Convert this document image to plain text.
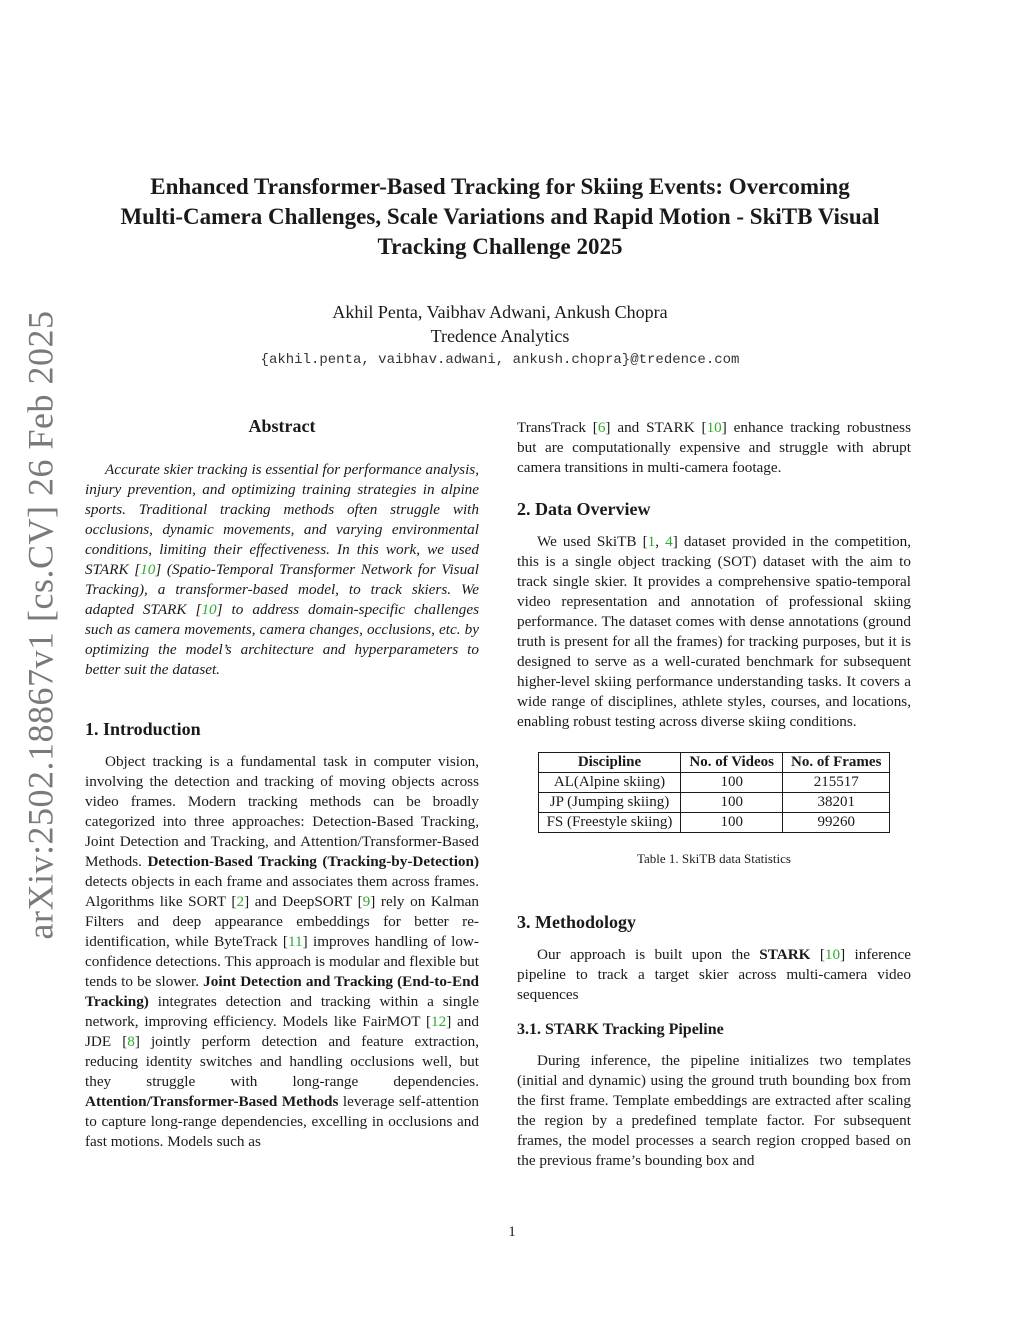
arXiv:2502.18867v1 [cs.CV] 26 Feb 2025
Enhanced Transformer-Based Tracking for Skiing Events: Overcoming
Multi-Camera Challenges, Scale Variations and Rapid Motion - SkiTB Visual
Tracking Challenge 2025
Akhil Penta, Vaibhav Adwani, Ankush Chopra
Tredence Analytics
{akhil.penta, vaibhav.adwani, ankush.chopra}@tredence.com
Abstract

Accurate skier tracking is essential for performance analysis, injury prevention, and optimizing training strategies in alpine sports. Traditional tracking methods often struggle with occlusions, dynamic movements, and varying environmental conditions, limiting their effectiveness. In this work, we used STARK [10] (Spatio-Temporal Transformer Network for Visual Tracking), a transformer-based model, to track skiers. We adapted STARK [10] to address domain-specific challenges such as camera movements, camera changes, occlusions, etc. by optimizing the model’s architecture and hyperparameters to better suit the dataset.

1. Introduction

Object tracking is a fundamental task in computer vision, involving the detection and tracking of moving objects across video frames. Modern tracking methods can be broadly categorized into three approaches: Detection-Based Tracking, Joint Detection and Tracking, and Attention/Transformer-Based Methods. Detection-Based Tracking (Tracking-by-Detection) detects objects in each frame and associates them across frames. Algorithms like SORT [2] and DeepSORT [9] rely on Kalman Filters and deep appearance embeddings for better re-identification, while ByteTrack [11] improves handling of low-confidence detections. This approach is modular and flexible but tends to be slower. Joint Detection and Tracking (End-to-End Tracking) integrates detection and tracking within a single network, improving efficiency. Models like FairMOT [12] and JDE [8] jointly perform detection and feature extraction, reducing identity switches and handling occlusions well, but they struggle with long-range dependencies. Attention/Transformer-Based Methods leverage self-attention to capture long-range dependencies, excelling in occlusions and fast motions. Models such as

TransTrack [6] and STARK [10] enhance tracking robustness but are computationally expensive and struggle with abrupt camera transitions in multi-camera footage.

2. Data Overview

We used SkiTB [1, 4] dataset provided in the competition, this is a single object tracking (SOT) dataset with the aim to track single skier. It provides a comprehensive spatio-temporal video representation and annotation of professional skiing performance. The dataset comes with dense annotations (ground truth is present for all the frames) for tracking purposes, but it is designed to serve as a well-curated benchmark for subsequent higher-level skiing performance understanding tasks. It covers a wide range of disciplines, athlete styles, courses, and locations, enabling robust testing across diverse skiing conditions.

Discipline	No. of Videos	No. of Frames
AL(Alpine skiing)	100	215517
JP (Jumping skiing)	100	38201
FS (Freestyle skiing)	100	99260
Table 1. SkiTB data Statistics
3. Methodology

Our approach is built upon the STARK [10] inference pipeline to track a target skier across multi-camera video sequences

3.1. STARK Tracking Pipeline

During inference, the pipeline initializes two templates (initial and dynamic) using the ground truth bounding box from the first frame. Template embeddings are extracted after scaling the region by a predefined template factor. For subsequent frames, the model processes a search region cropped based on the previous frame’s bounding box and

1
